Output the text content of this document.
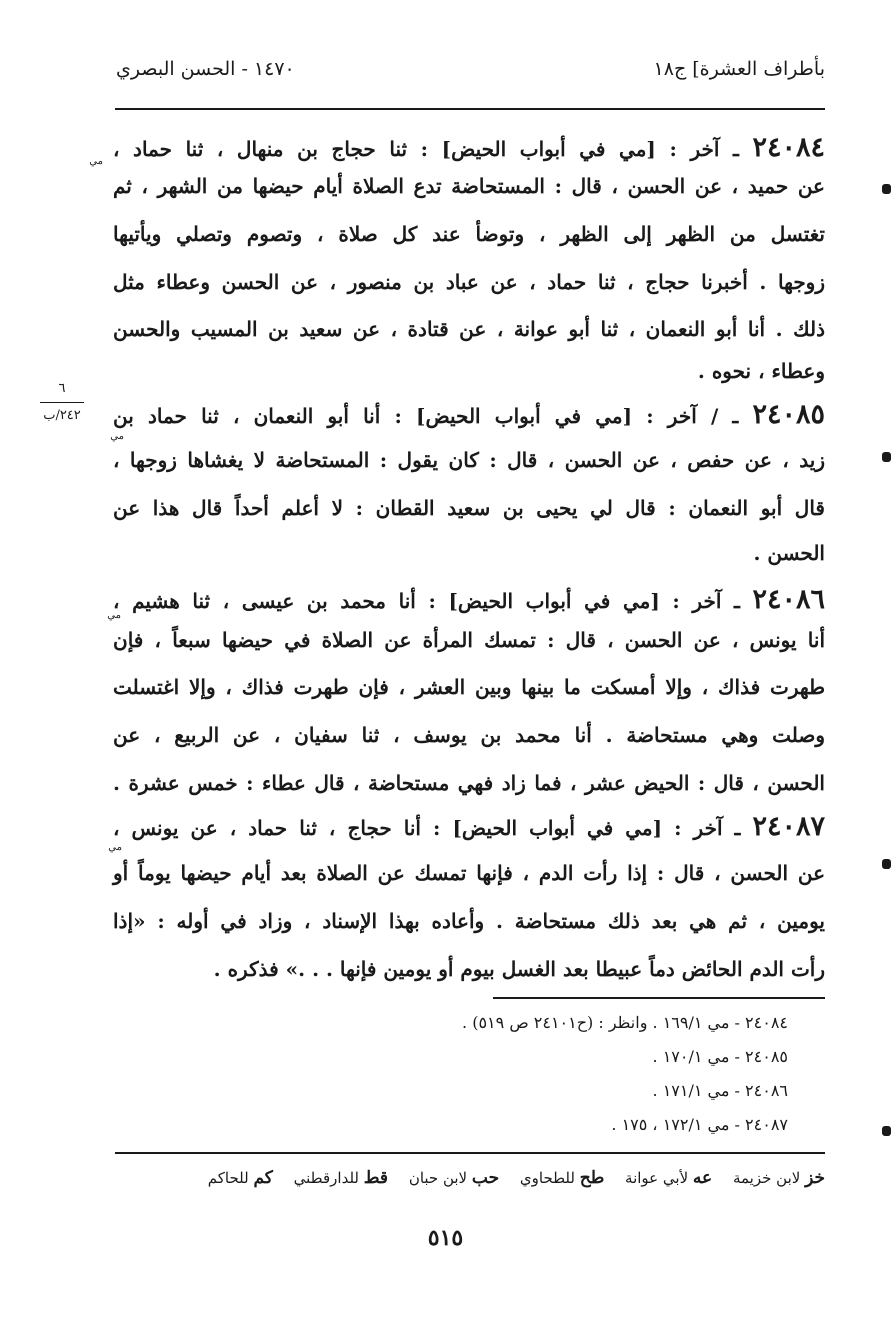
بأطراف العشرة] ج١٨
١٤٧٠ - الحسن البصري
٢٤٠٨٤ ـ آخر : [مي في أبواب الحيض] : ثنا حجاج بن منهال ، ثنا حماد ،
مي
عن حميد ، عن الحسن ، قال : المستحاضة تدع الصلاة أيام حيضها من الشهر ، ثم
تغتسل من الظهر إلى الظهر ، وتوضأ عند كل صلاة ، وتصوم وتصلي ويأتيها
زوجها . أخبرنا حجاج ، ثنا حماد ، عن عباد بن منصور ، عن الحسن وعطاء مثل
ذلك . أنا أبو النعمان ، ثنا أبو عوانة ، عن قتادة ، عن سعيد بن المسيب والحسن
وعطاء ، نحوه .
٢٤٠٨٥ ـ / آخر : [مي في أبواب الحيض] : أنا أبو النعمان ، ثنا حماد بن
مي
زيد ، عن حفص ، عن الحسن ، قال : كان يقول : المستحاضة لا يغشاها زوجها ،
قال أبو النعمان : قال لي يحيى بن سعيد القطان : لا أعلم أحداً قال هذا عن
الحسن .
٢٤٠٨٦ ـ آخر : [مي في أبواب الحيض] : أنا محمد بن عيسى ، ثنا هشيم ،
مي
أنا يونس ، عن الحسن ، قال : تمسك المرأة عن الصلاة في حيضها سبعاً ، فإن
طهرت فذاك ، وإلا أمسكت ما بينها وبين العشر ، فإن طهرت فذاك ، وإلا اغتسلت
وصلت وهي مستحاضة . أنا محمد بن يوسف ، ثنا سفيان ، عن الربيع ، عن
الحسن ، قال : الحيض عشر ، فما زاد فهي مستحاضة ، قال عطاء : خمس عشرة .
٢٤٠٨٧ ـ آخر : [مي في أبواب الحيض] : أنا حجاج ، ثنا حماد ، عن يونس ،
مي
عن الحسن ، قال : إذا رأت الدم ، فإنها تمسك عن الصلاة بعد أيام حيضها يوماً أو
يومين ، ثم هي بعد ذلك مستحاضة . وأعاده بهذا الإسناد ، وزاد في أوله : «إذا
رأت الدم الحائض دماً عبيطا بعد الغسل بيوم أو يومين فإنها . . .» فذكره .
٦
٢٤٢/ب
٢٤٠٨٤ - مي ١٦٩/١ . وانظر : (ح٢٤١٠١ ص ٥١٩) .
٢٤٠٨٥ - مي ١٧٠/١ .
٢٤٠٨٦ - مي ١٧١/١ .
٢٤٠٨٧ - مي ١٧٢/١ ، ١٧٥ .
خز لابن خزيمة عه لأبي عوانة طح للطحاوي حب لابن حبان قط للدارقطني كم للحاكم
٥١٥
